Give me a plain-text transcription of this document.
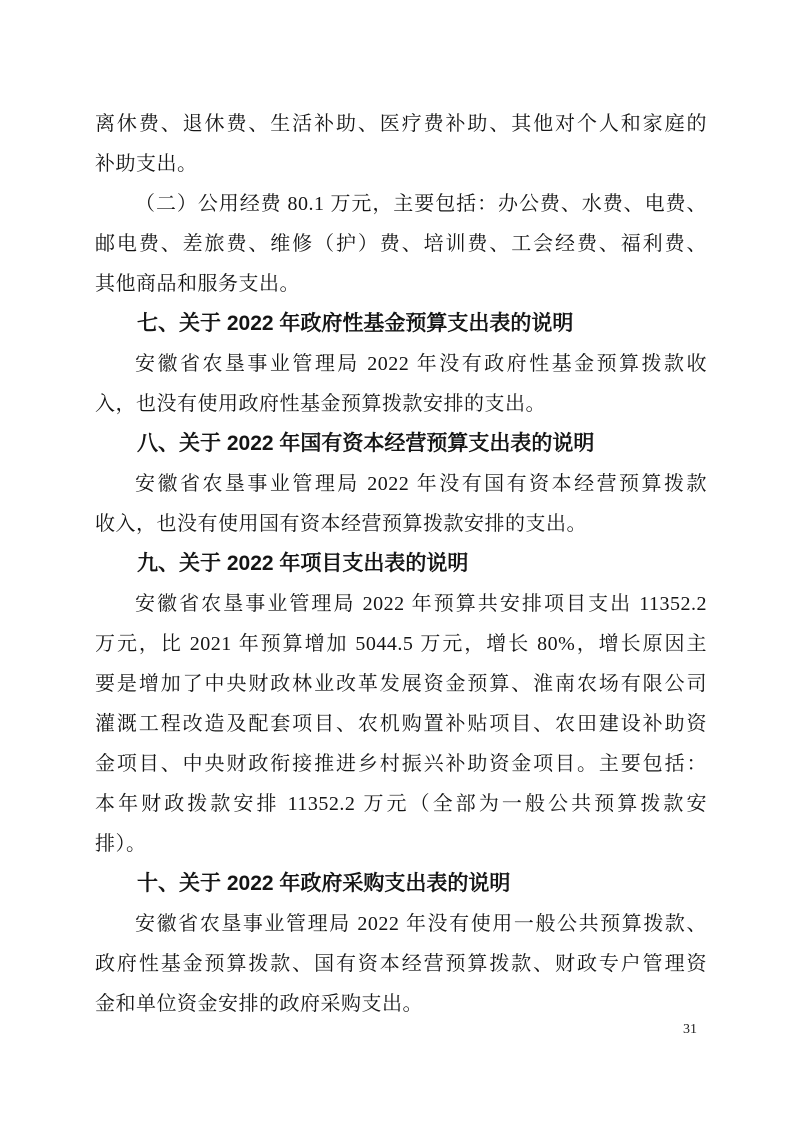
离休费、退休费、生活补助、医疗费补助、其他对个人和家庭的
补助支出。
（二）公用经费 80.1 万元，主要包括：办公费、水费、电费、
邮电费、差旅费、维修（护）费、培训费、工会经费、福利费、
其他商品和服务支出。
七、关于 2022 年政府性基金预算支出表的说明
安徽省农垦事业管理局 2022 年没有政府性基金预算拨款收
入，也没有使用政府性基金预算拨款安排的支出。
八、关于 2022 年国有资本经营预算支出表的说明
安徽省农垦事业管理局 2022 年没有国有资本经营预算拨款
收入，也没有使用国有资本经营预算拨款安排的支出。
九、关于 2022 年项目支出表的说明
安徽省农垦事业管理局 2022 年预算共安排项目支出 11352.2
万元，比 2021 年预算增加 5044.5 万元，增长 80%，增长原因主
要是增加了中央财政林业改革发展资金预算、淮南农场有限公司
灌溉工程改造及配套项目、农机购置补贴项目、农田建设补助资
金项目、中央财政衔接推进乡村振兴补助资金项目。主要包括：
本年财政拨款安排 11352.2 万元（全部为一般公共预算拨款安
排）。
十、关于 2022 年政府采购支出表的说明
安徽省农垦事业管理局 2022 年没有使用一般公共预算拨款、
政府性基金预算拨款、国有资本经营预算拨款、财政专户管理资
金和单位资金安排的政府采购支出。
31
